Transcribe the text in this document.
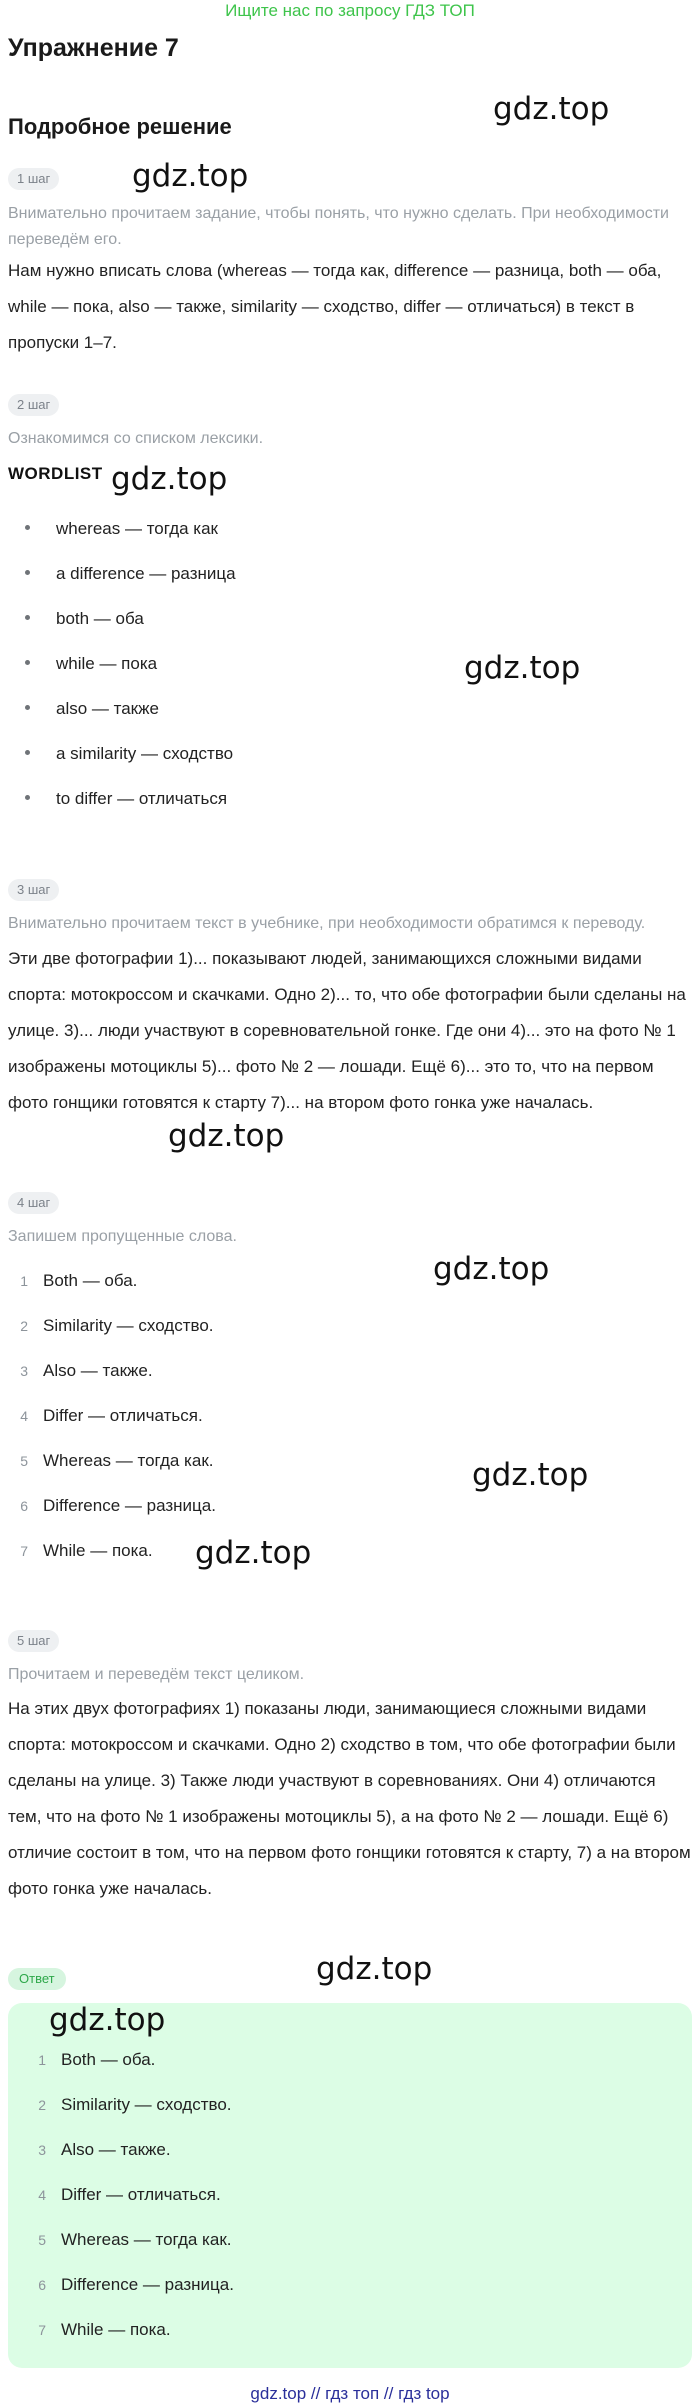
Ищите нас по запросу ГДЗ ТОП
Упражнение 7
Подробное решение
1 шаг
Внимательно прочитаем задание, чтобы понять, что нужно сделать. При необходимости переведём его.
Нам нужно вписать слова (whereas — тогда как, difference — разница, both — оба, while — пока, also — также, similarity — сходство, differ — отличаться) в текст в пропуски 1–7.
2 шаг
Ознакомимся со списком лексики.
WORDLIST
whereas — тогда как
a difference — разница
both — оба
while — пока
also — также
a similarity — сходство
to differ — отличаться
3 шаг
Внимательно прочитаем текст в учебнике, при необходимости обратимся к переводу.
Эти две фотографии 1)... показывают людей, занимающихся сложными видами спорта: мотокроссом и скачками. Одно 2)... то, что обе фотографии были сделаны на улице. 3)... люди участвуют в соревновательной гонке. Где они 4)... это на фото № 1 изображены мотоциклы 5)... фото № 2 — лошади. Ещё 6)... это то, что на первом фото гонщики готовятся к старту 7)... на втором фото гонка уже началась.
4 шаг
Запишем пропущенные слова.
1 Both — оба.
2 Similarity — сходство.
3 Also — также.
4 Differ — отличаться.
5 Whereas — тогда как.
6 Difference — разница.
7 While — пока.
5 шаг
Прочитаем и переведём текст целиком.
На этих двух фотографиях 1) показаны люди, занимающиеся сложными видами спорта: мотокроссом и скачками. Одно 2) сходство в том, что обе фотографии были сделаны на улице. 3) Также люди участвуют в соревнованиях. Они 4) отличаются тем, что на фото № 1 изображены мотоциклы 5), а на фото № 2 — лошади. Ещё 6) отличие состоит в том, что на первом фото гонщики готовятся к старту, 7) а на втором фото гонка уже началась.
Ответ
1 Both — оба.
2 Similarity — сходство.
3 Also — также.
4 Differ — отличаться.
5 Whereas — тогда как.
6 Difference — разница.
7 While — пока.
gdz.top
gdz.top
gdz.top
gdz.top
gdz.top
gdz.top
gdz.top
gdz.top
gdz.top
gdz.top
gdz.top // гдз топ // гдз top
